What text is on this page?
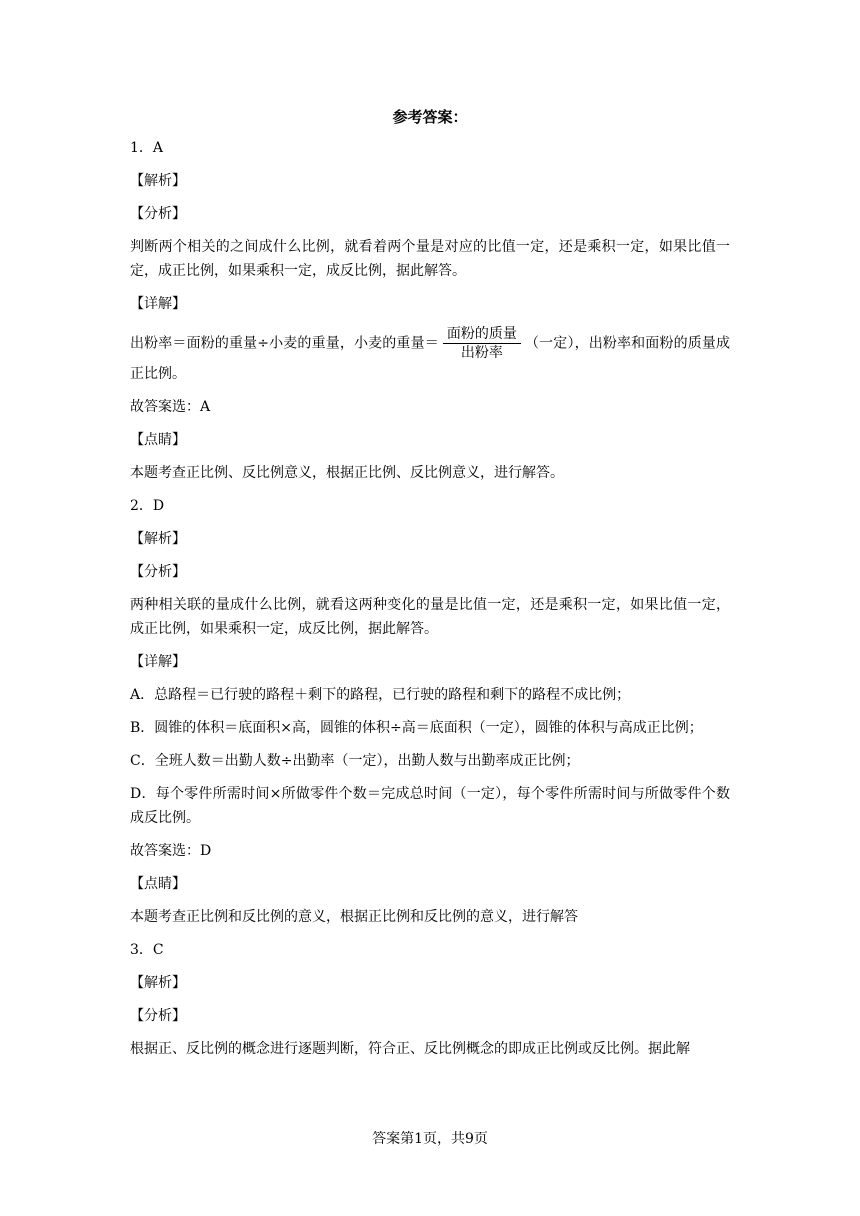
参考答案：
1．A
【解析】
【分析】
判断两个相关的之间成什么比例，就看着两个量是对应的比值一定，还是乘积一定，如果比值一定，成正比例，如果乘积一定，成反比例，据此解答。
【详解】
出粉率＝面粉的重量÷小麦的重量，小麦的重量＝ $\frac{\text{面粉的质量}}{\text{出粉率}}$ （一定），出粉率和面粉的质量成正比例。
故答案选：A
【点睛】
本题考查正比例、反比例意义，根据正比例、反比例意义，进行解答。
2．D
【解析】
【分析】
两种相关联的量成什么比例，就看这两种变化的量是比值一定，还是乘积一定，如果比值一定，成正比例，如果乘积一定，成反比例，据此解答。
【详解】
A．总路程＝已行驶的路程＋剩下的路程，已行驶的路程和剩下的路程不成比例；
B．圆锥的体积＝底面积×高，圆锥的体积÷高＝底面积（一定），圆锥的体积与高成正比例；
C．全班人数＝出勤人数÷出勤率（一定），出勤人数与出勤率成正比例；
D．每个零件所需时间×所做零件个数＝完成总时间（一定），每个零件所需时间与所做零件个数成反比例。
故答案选：D
【点睛】
本题考查正比例和反比例的意义，根据正比例和反比例的意义，进行解答
3．C
【解析】
【分析】
根据正、反比例的概念进行逐题判断，符合正、反比例概念的即成正比例或反比例。据此解
答案第1页，共9页
